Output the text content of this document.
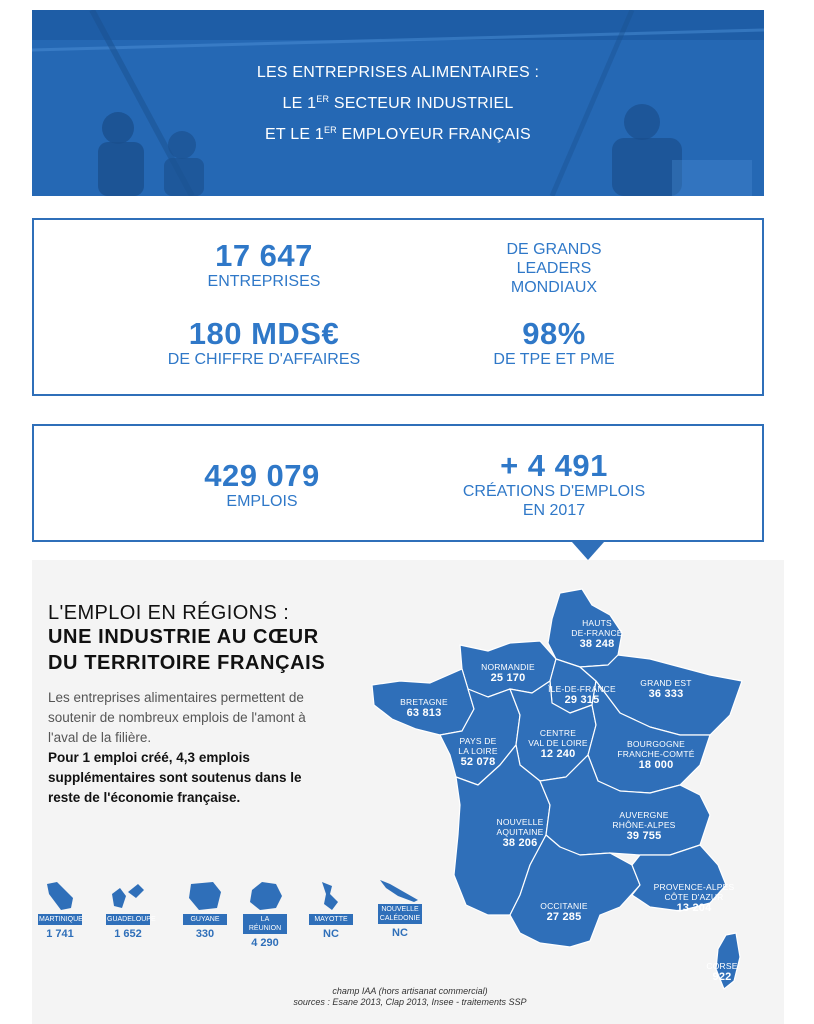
LES ENTREPRISES ALIMENTAIRES :
LE 1ER SECTEUR INDUSTRIEL
ET LE 1ER EMPLOYEUR FRANÇAIS
17 647
ENTREPRISES
DE GRANDS
LEADERS
MONDIAUX
180 MDS€
DE CHIFFRE D'AFFAIRES
98%
DE TPE ET PME
429 079
EMPLOIS
+ 4 491
CRÉATIONS D'EMPLOIS
EN 2017
L'EMPLOI EN RÉGIONS :
UNE INDUSTRIE AU CŒUR
DU TERRITOIRE FRANÇAIS
Les entreprises alimentaires permettent de soutenir de nombreux emplois de l'amont à l'aval de la filière.
Pour 1 emploi créé, 4,3 emplois supplémentaires sont soutenus dans le reste de l'économie française.
HAUTS
DE-FRANCE
38 248
NORMANDIE
25 170
ÎLE-DE-FRANCE
29 315
GRAND EST
36 333
BRETAGNE
63 813
PAYS DE
LA LOIRE
52 078
CENTRE
VAL DE LOIRE
12 240
BOURGOGNE
FRANCHE-COMTÉ
18 000
NOUVELLE
AQUITAINE
38 206
AUVERGNE
RHÔNE-ALPES
39 755
OCCITANIE
27 285
PROVENCE-ALPES
CÔTE D'AZUR
13 204
CORSE
922
MARTINIQUE
1 741
GUADELOUPE
1 652
GUYANE
330
LA RÉUNION
4 290
MAYOTTE
NC
NOUVELLE
CALÉDONIE
NC
champ IAA (hors artisanat commercial)
sources : Esane 2013, Clap 2013, Insee - traitements SSP
